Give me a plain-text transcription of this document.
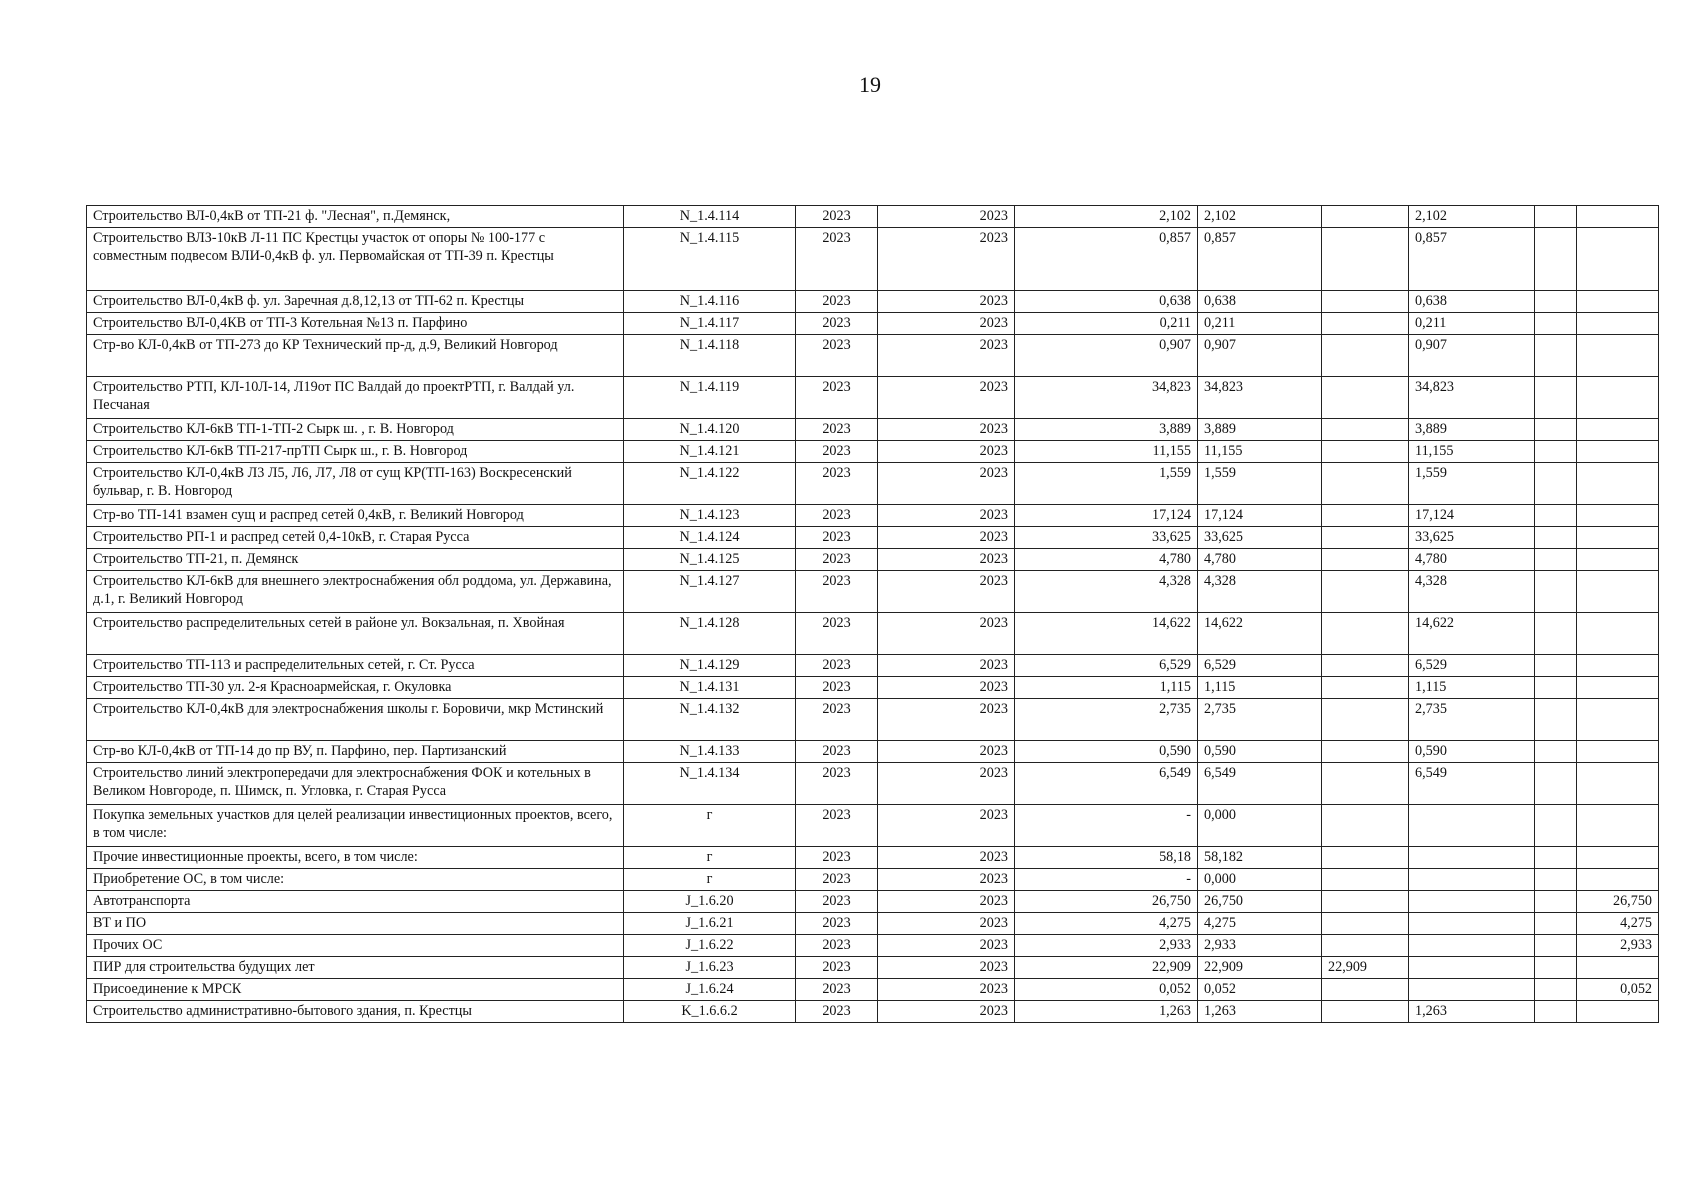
19
Строительство ВЛ-0,4кВ от ТП-21 ф. "Лесная", п.Демянск,	N_1.4.114	2023	2023	2,102	2,102		2,102		
Строительство ВЛЗ-10кВ Л-11 ПС Крестцы участок от опоры № 100-177 с совместным подвесом ВЛИ-0,4кВ ф. ул. Первомайская от ТП-39 п. Крестцы	N_1.4.115	2023	2023	0,857	0,857		0,857		
Строительство ВЛ-0,4кВ ф. ул. Заречная д.8,12,13 от ТП-62 п. Крестцы	N_1.4.116	2023	2023	0,638	0,638		0,638		
Строительство ВЛ-0,4КВ от ТП-3 Котельная №13 п. Парфино	N_1.4.117	2023	2023	0,211	0,211		0,211		
Стр-во КЛ-0,4кВ от ТП-273 до КР Технический пр-д, д.9, Великий Новгород	N_1.4.118	2023	2023	0,907	0,907		0,907		
Строительство РТП, КЛ-10Л-14, Л19от ПС Валдай до проектРТП, г. Валдай ул. Песчаная	N_1.4.119	2023	2023	34,823	34,823		34,823		
Строительство КЛ-6кВ ТП-1-ТП-2 Сырк ш. , г. В. Новгород	N_1.4.120	2023	2023	3,889	3,889		3,889		
Строительство КЛ-6кВ ТП-217-прТП Сырк ш., г. В. Новгород	N_1.4.121	2023	2023	11,155	11,155		11,155		
Строительство КЛ-0,4кВ Л3 Л5, Л6, Л7, Л8 от сущ КР(ТП-163) Воскресенский бульвар, г. В. Новгород	N_1.4.122	2023	2023	1,559	1,559		1,559		
Стр-во ТП-141 взамен сущ и распред сетей 0,4кВ, г. Великий Новгород	N_1.4.123	2023	2023	17,124	17,124		17,124		
Строительство РП-1 и распред сетей 0,4-10кВ, г. Старая Русса	N_1.4.124	2023	2023	33,625	33,625		33,625		
Строительство ТП-21, п. Демянск	N_1.4.125	2023	2023	4,780	4,780		4,780		
Строительство КЛ-6кВ для внешнего электроснабжения обл роддома, ул. Державина, д.1, г. Великий Новгород	N_1.4.127	2023	2023	4,328	4,328		4,328		
Строительство распределительных сетей в районе ул. Вокзальная, п. Хвойная	N_1.4.128	2023	2023	14,622	14,622		14,622		
Строительство ТП-113 и распределительных сетей, г. Ст. Русса	N_1.4.129	2023	2023	6,529	6,529		6,529		
Строительство ТП-30 ул. 2-я Красноармейская, г. Окуловка	N_1.4.131	2023	2023	1,115	1,115		1,115		
Строительство КЛ-0,4кВ для электроснабжения школы г. Боровичи, мкр Мстинский	N_1.4.132	2023	2023	2,735	2,735		2,735		
Стр-во КЛ-0,4кВ от ТП-14 до пр ВУ, п. Парфино, пер. Партизанский	N_1.4.133	2023	2023	0,590	0,590		0,590		
Строительство линий электропередачи для электроснабжения ФОК и котельных в Великом Новгороде, п. Шимск, п. Угловка, г. Старая Русса	N_1.4.134	2023	2023	6,549	6,549		6,549		
Покупка земельных участков для целей реализации инвестиционных проектов, всего, в том числе:	г	2023	2023	-	0,000				
Прочие инвестиционные проекты, всего, в том числе:	г	2023	2023	58,18	58,182				
Приобретение ОС, в том числе:	г	2023	2023	-	0,000				
Автотранспорта	J_1.6.20	2023	2023	26,750	26,750				26,750
ВТ и ПО	J_1.6.21	2023	2023	4,275	4,275				4,275
Прочих ОС	J_1.6.22	2023	2023	2,933	2,933				2,933
ПИР для строительства будущих лет	J_1.6.23	2023	2023	22,909	22,909	22,909			
Присоединение к МРСК	J_1.6.24	2023	2023	0,052	0,052				0,052
Строительство административно-бытового здания, п. Крестцы	K_1.6.6.2	2023	2023	1,263	1,263		1,263		
